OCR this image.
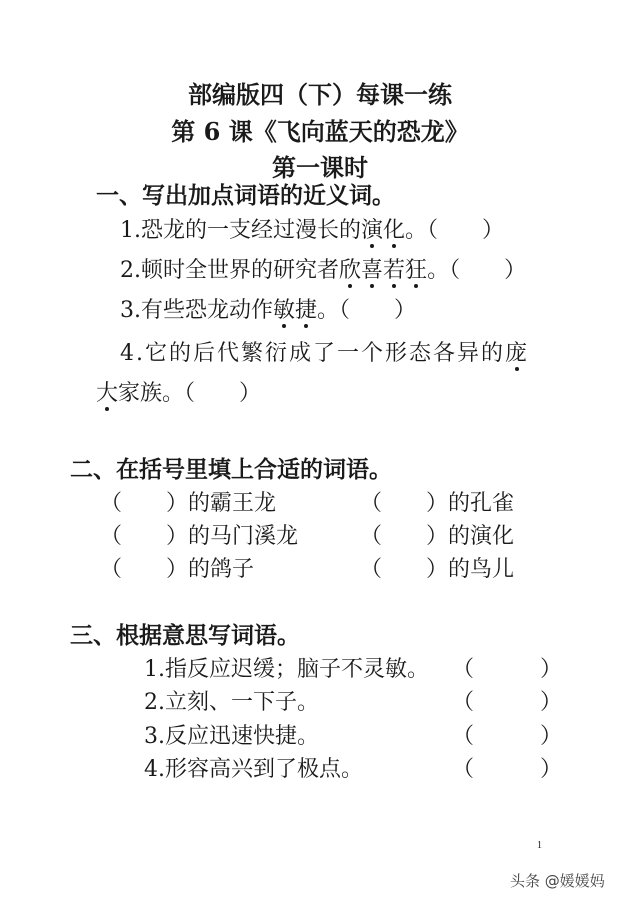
部编版四（下）每课一练
第 6 课《飞向蓝天的恐龙》
第一课时
一、写出加点词语的近义词。
1.恐龙的一支经过漫长的演化。（　　）
2.顿时全世界的研究者欣喜若狂。（　　）
3.有些恐龙动作敏捷。（　　）
4.它的后代繁衍成了一个形态各异的庞
大家族。（　　）
二、在括号里填上合适的词语。
（　　）的霸王龙	（　　）的孔雀
（　　）的马门溪龙	（　　）的演化
（　　）的鸽子	（　　）的鸟儿
三、根据意思写词语。
1.指反应迟缓；脑子不灵敏。 （　　　）
2.立刻、一下子。	（　　　）
3.反应迅速快捷。	（　　　）
4.形容高兴到了极点。	（　　　）
1
头条 @媛媛妈
